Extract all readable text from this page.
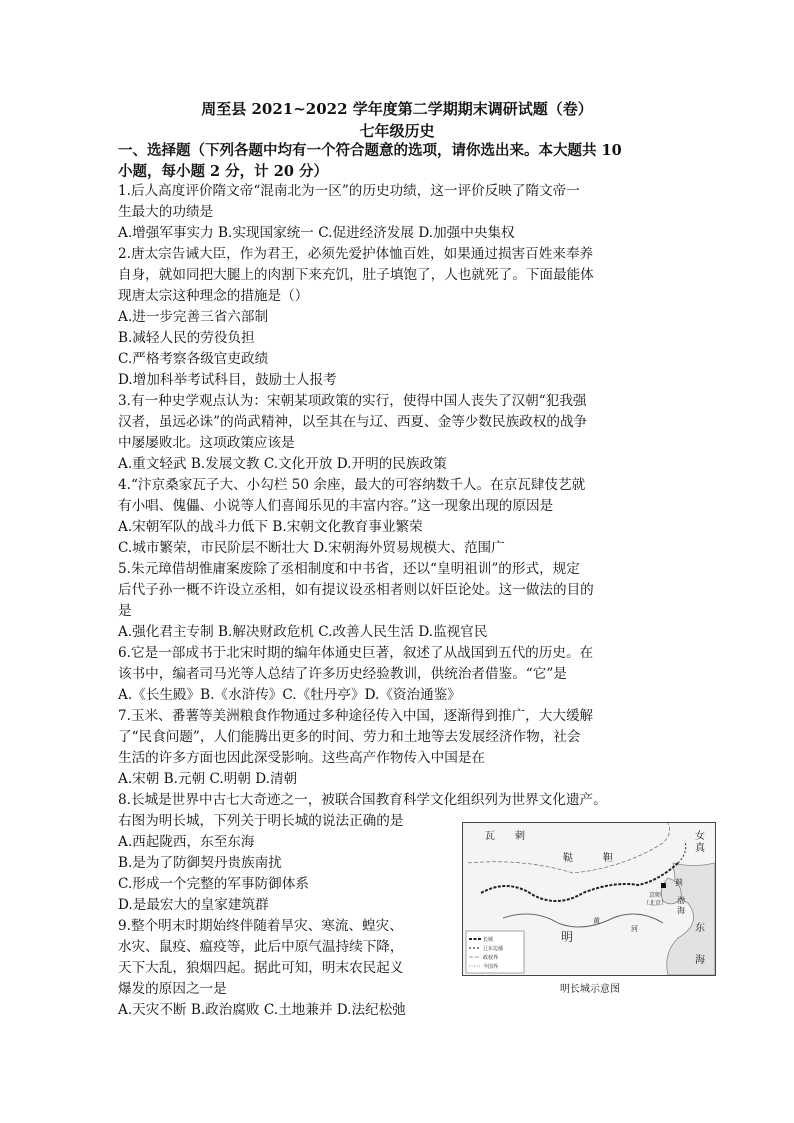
周至县 2021~2022 学年度第二学期期末调研试题（卷）
七年级历史
一、选择题（下列各题中均有一个符合题意的选项，请你选出来。本大题共 10
小题，每小题 2 分，计 20 分）
1.后人高度评价隋文帝“混南北为一区”的历史功绩，这一评价反映了隋文帝一
生最大的功绩是
A.增强军事实力 B.实现国家统一 C.促进经济发展 D.加强中央集权
2.唐太宗告诫大臣，作为君王，必须先爱护体恤百姓，如果通过损害百姓来奉养
自身，就如同把大腿上的肉割下来充饥，肚子填饱了，人也就死了。下面最能体
现唐太宗这种理念的措施是（）
A.进一步完善三省六部制
B.减轻人民的劳役负担
C.严格考察各级官吏政绩
D.增加科举考试科目，鼓励士人报考
3.有一种史学观点认为：宋朝某项政策的实行，使得中国人丧失了汉朝“犯我强
汉者，虽远必诛”的尚武精神，以至其在与辽、西夏、金等少数民族政权的战争
中屡屡败北。这项政策应该是
A.重文轻武 B.发展文教 C.文化开放 D.开明的民族政策
4.“汴京桑家瓦子大、小勾栏 50 余座，最大的可容纳数千人。在京瓦肆伎艺就
有小唱、傀儡、小说等人们喜闻乐见的丰富内容。”这一现象出现的原因是
A.宋朝军队的战斗力低下 B.宋朝文化教育事业繁荣
C.城市繁荣，市民阶层不断壮大 D.宋朝海外贸易规模大、范围广
5.朱元璋借胡惟庸案废除了丞相制度和中书省，还以“皇明祖训”的形式，规定
后代子孙一概不许设立丞相，如有提议设丞相者则以奸臣论处。这一做法的目的
是
A.强化君主专制 B.解决财政危机 C.改善人民生活 D.监视官民
6.它是一部成书于北宋时期的编年体通史巨著，叙述了从战国到五代的历史。在
该书中，编者司马光等人总结了许多历史经验教训，供统治者借鉴。“它”是
A.《长生殿》B.《水浒传》C.《牡丹亭》D.《资治通鉴》
7.玉米、番薯等美洲粮食作物通过多种途径传入中国，逐渐得到推广，大大缓解
了“民食问题”，人们能腾出更多的时间、劳力和土地等去发展经济作物，社会
生活的许多方面也因此深受影响。这些高产作物传入中国是在
A.宋朝 B.元朝 C.明朝 D.清朝
8.长城是世界中古七大奇迹之一，被联合国教育科学文化组织列为世界文化遗产。
右图为明长城，下列关于明长城的说法正确的是
A.西起陇西，东至东海
B.是为了防御契丹贵族南扰
C.形成一个完整的军事防御体系
D.是最宏大的皇家建筑群
9.整个明末时期始终伴随着旱灾、寒流、蝗灾、
水灾、鼠疫、瘟疫等，此后中原气温持续下降，
天下大乱，狼烟四起。据此可知，明末农民起义
爆发的原因之一是
A.天灾不断 B.政治腐败 C.土地兼并 D.法纪松弛
长城
辽东边墙
政权界
今国界
瓦 剌
鞑	靼
女
真
蓟
京师
（北京） 渤
海
明
黄
河	东
海
明长城示意图
